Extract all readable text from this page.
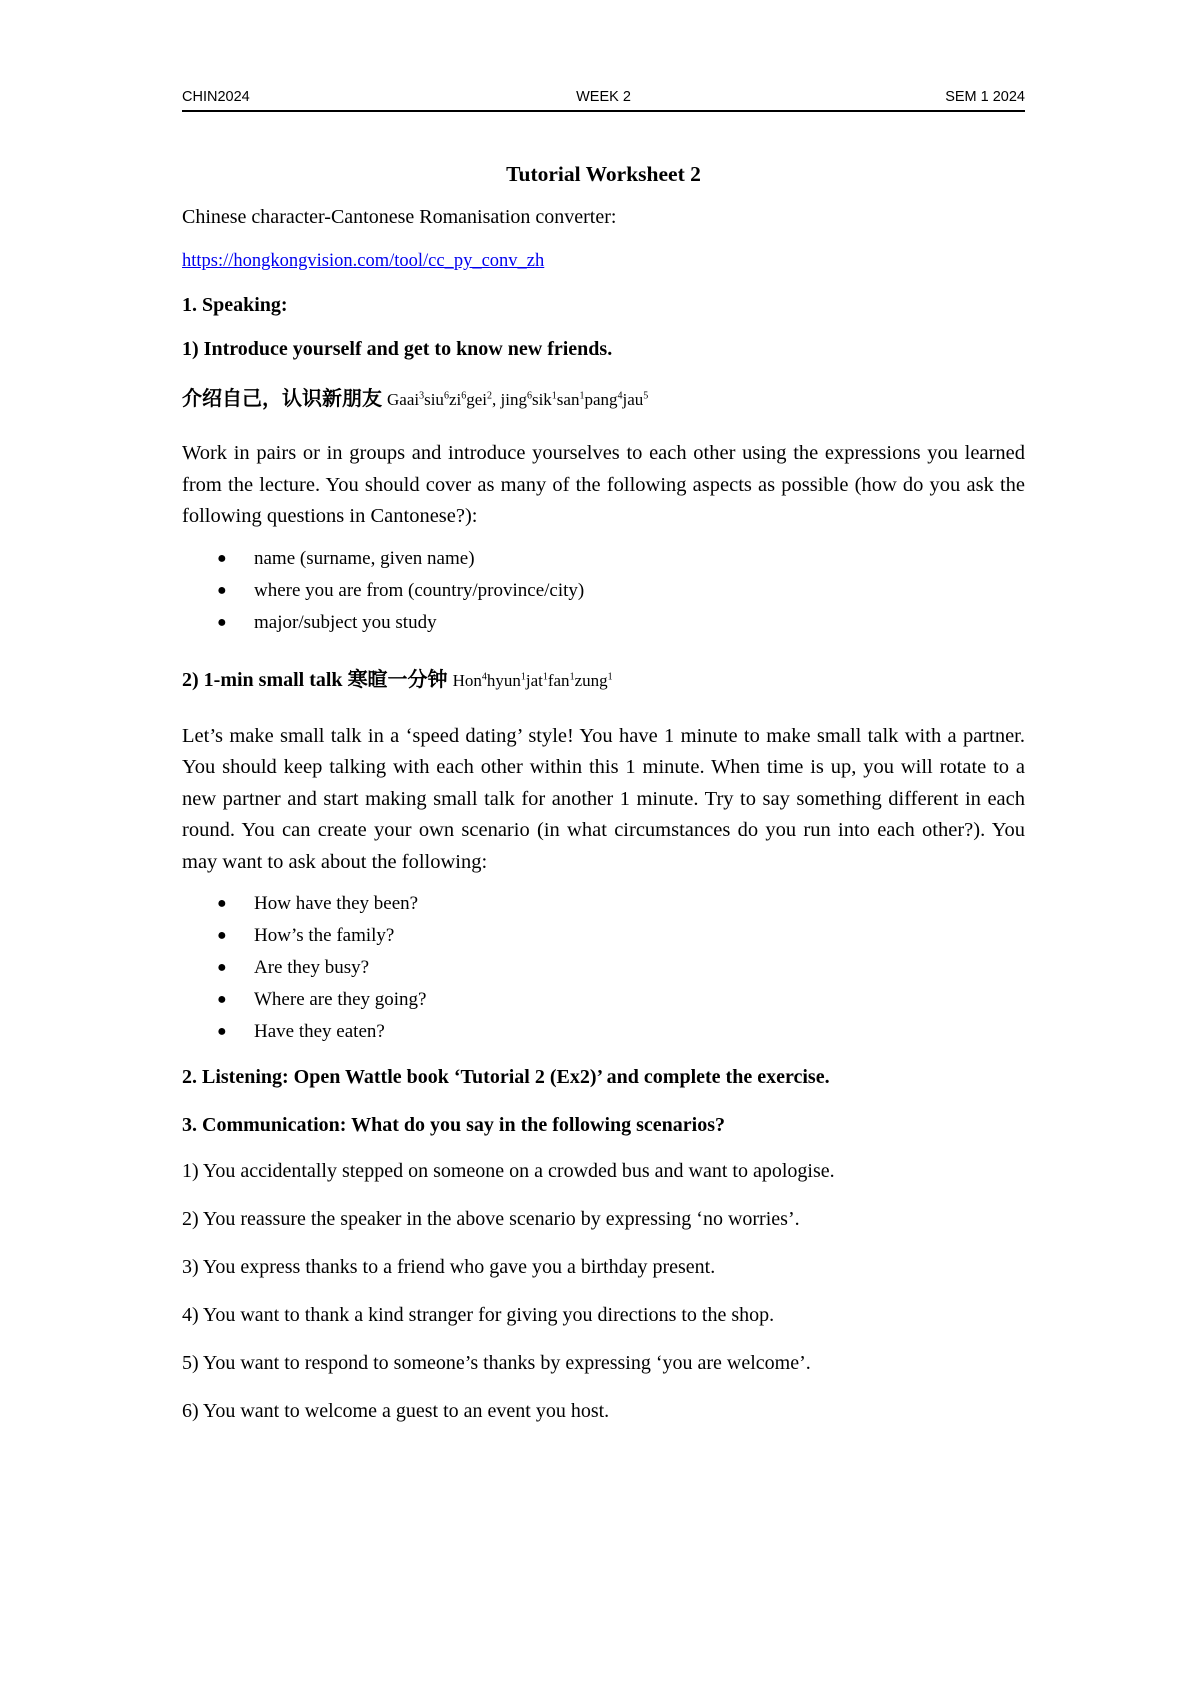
CHIN2024	WEEK 2	SEM 1 2024

Tutorial Worksheet 2

Chinese character-Cantonese Romanisation converter:

https://hongkongvision.com/tool/cc_py_conv_zh

1. Speaking:

1) Introduce yourself and get to know new friends.

介绍自己，认识新朋友 $Gaai^3siu^6zi^6gei^2$, jing$^6$sik$^1$san$^1$pang$^4$jau$^5$

Work in pairs or in groups and introduce yourselves to each other using the expressions you learned from the lecture. You should cover as many of the following aspects as possible (how do you ask the following questions in Cantonese?):

● name (surname, given name)
● where you are from (country/province/city)
● major/subject you study

2) 1-min small talk 寒暄一分钟 Hon$^4$hyun$^1$jat$^1$fan$^1$zung$^1$

Let’s make small talk in a ‘speed dating’ style! You have 1 minute to make small talk with a partner. You should keep talking with each other within this 1 minute. When time is up, you will rotate to a new partner and start making small talk for another 1 minute. Try to say something different in each round. You can create your own scenario (in what circumstances do you run into each other?). You may want to ask about the following:

● How have they been?
● How’s the family?
● Are they busy?
● Where are they going?
● Have they eaten?

2. Listening: Open Wattle book ‘Tutorial 2 (Ex2)’ and complete the exercise.

3. Communication: What do you say in the following scenarios?

1) You accidentally stepped on someone on a crowded bus and want to apologise.

2) You reassure the speaker in the above scenario by expressing ‘no worries’.

3) You express thanks to a friend who gave you a birthday present.

4) You want to thank a kind stranger for giving you directions to the shop.

5) You want to respond to someone’s thanks by expressing ‘you are welcome’.

6) You want to welcome a guest to an event you host.
